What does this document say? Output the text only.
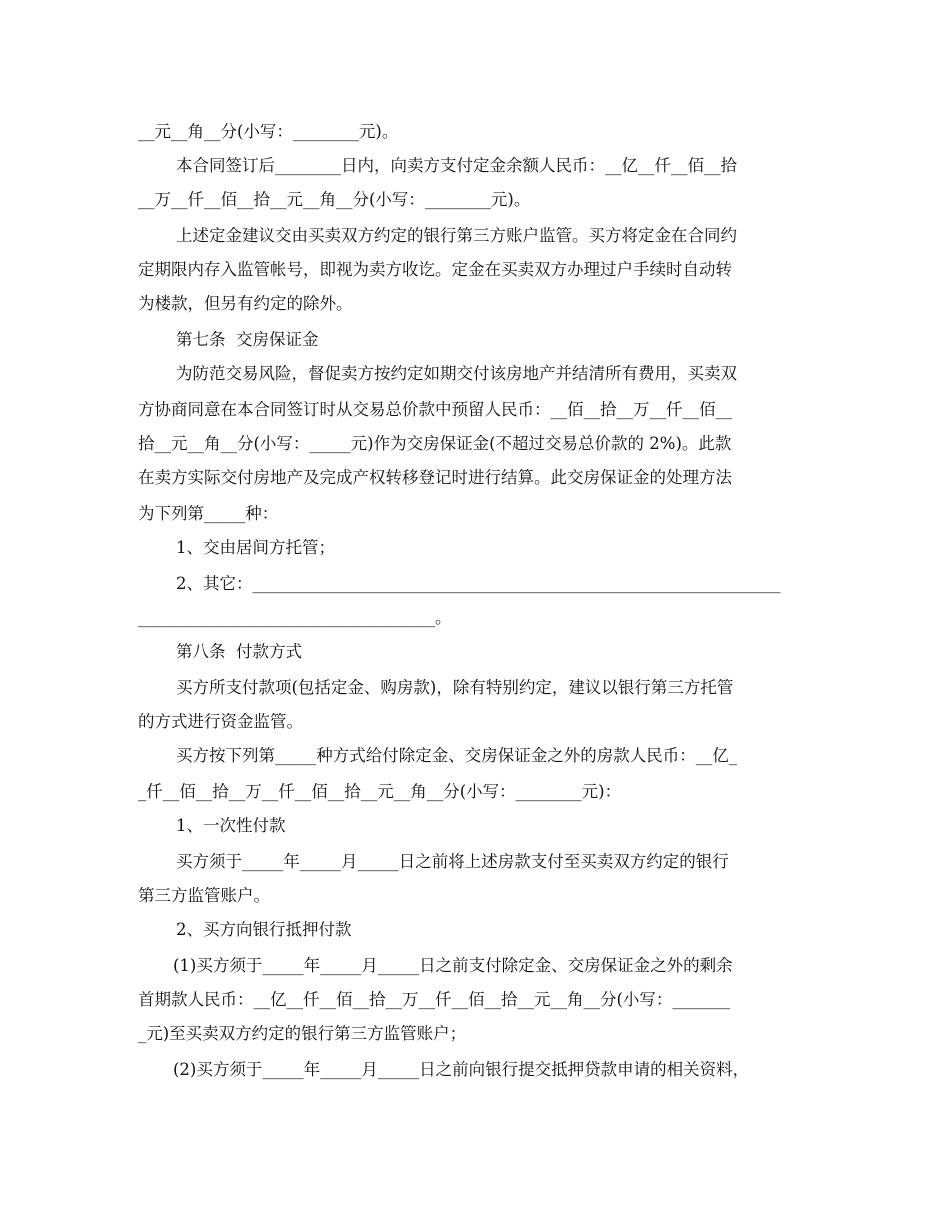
__元__角__分(小写：________元)。
本合同签订后________日内，向卖方支付定金余额人民币：__亿__仟__佰__拾
__万__仟__佰__拾__元__角__分(小写：________元)。
上述定金建议交由买卖双方约定的银行第三方账户监管。买方将定金在合同约
定期限内存入监管帐号，即视为卖方收讫。定金在买卖双方办理过户手续时自动转
为楼款，但另有约定的除外。
第七条  交房保证金
为防范交易风险，督促卖方按约定如期交付该房地产并结清所有费用，买卖双
方协商同意在本合同签订时从交易总价款中预留人民币：__佰__拾__万__仟__佰__
拾__元__角__分(小写：_____元)作为交房保证金(不超过交易总价款的 2%)。此款
在卖方实际交付房地产及完成产权转移登记时进行结算。此交房保证金的处理方法
为下列第_____种：
1、交由居间方托管；
2、其它：________________________________________________________________
____________________________________。
第八条  付款方式
买方所支付款项(包括定金、购房款)，除有特别约定，建议以银行第三方托管
的方式进行资金监管。
买方按下列第_____种方式给付除定金、交房保证金之外的房款人民币：__亿_
_仟__佰__拾__万__仟__佰__拾__元__角__分(小写：________元)：
1、一次性付款
买方须于_____年_____月_____日之前将上述房款支付至买卖双方约定的银行
第三方监管账户。
2、买方向银行抵押付款
(1)买方须于_____年_____月_____日之前支付除定金、交房保证金之外的剩余
首期款人民币：__亿__仟__佰__拾__万__仟__佰__拾__元__角__分(小写：_______
_元)至买卖双方约定的银行第三方监管账户；
(2)买方须于_____年_____月_____日之前向银行提交抵押贷款申请的相关资料，
